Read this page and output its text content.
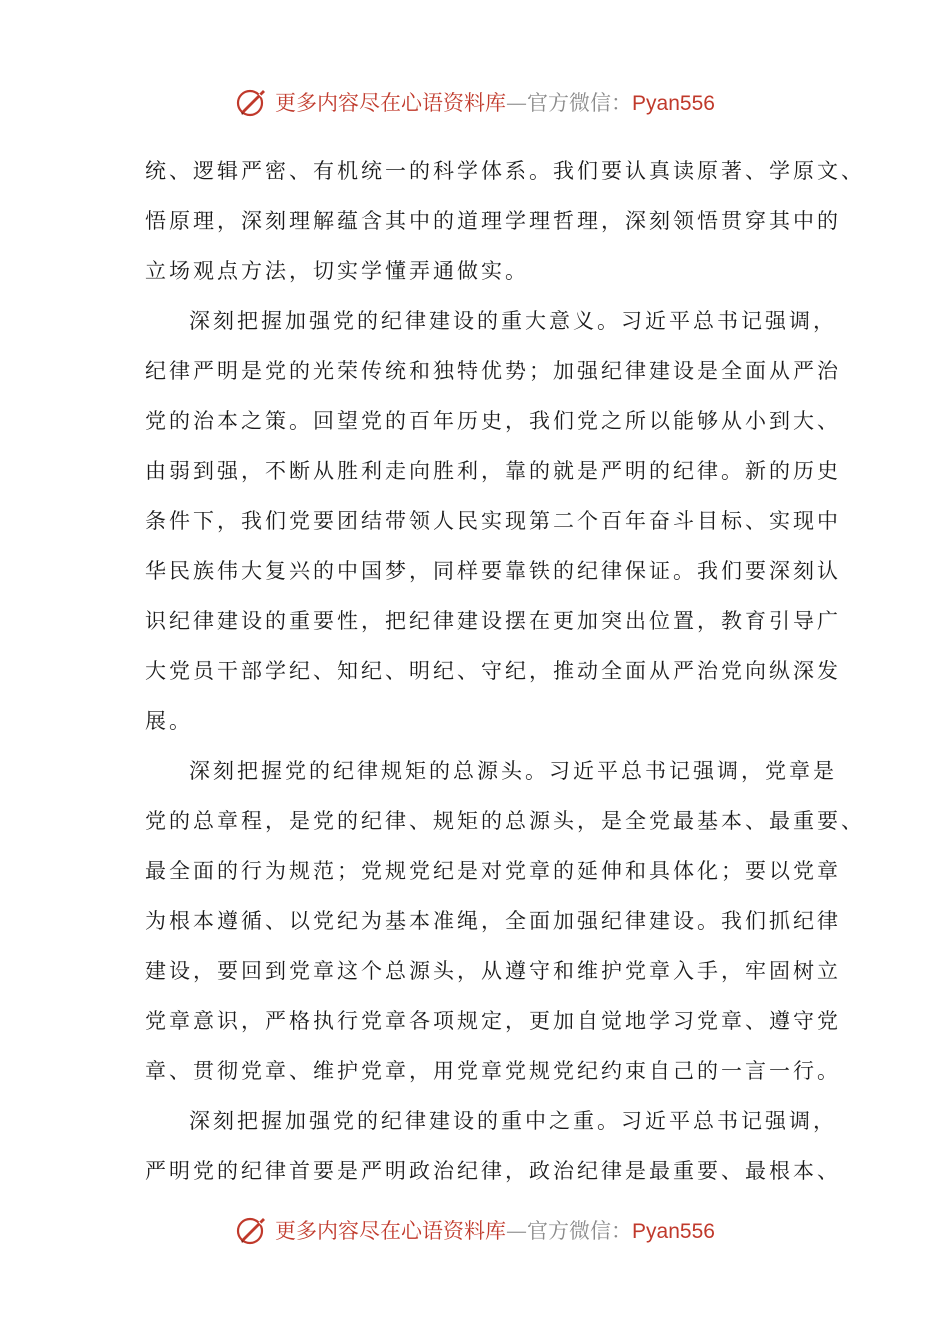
更多内容尽在心语资料库—官方微信：Pyan556
统、逻辑严密、有机统一的科学体系。我们要认真读原著、学原文、
悟原理，深刻理解蕴含其中的道理学理哲理，深刻领悟贯穿其中的
立场观点方法，切实学懂弄通做实。
深刻把握加强党的纪律建设的重大意义。习近平总书记强调，
纪律严明是党的光荣传统和独特优势；加强纪律建设是全面从严治
党的治本之策。回望党的百年历史，我们党之所以能够从小到大、
由弱到强，不断从胜利走向胜利，靠的就是严明的纪律。新的历史
条件下，我们党要团结带领人民实现第二个百年奋斗目标、实现中
华民族伟大复兴的中国梦，同样要靠铁的纪律保证。我们要深刻认
识纪律建设的重要性，把纪律建设摆在更加突出位置，教育引导广
大党员干部学纪、知纪、明纪、守纪，推动全面从严治党向纵深发
展。
深刻把握党的纪律规矩的总源头。习近平总书记强调，党章是
党的总章程，是党的纪律、规矩的总源头，是全党最基本、最重要、
最全面的行为规范；党规党纪是对党章的延伸和具体化；要以党章
为根本遵循、以党纪为基本准绳，全面加强纪律建设。我们抓纪律
建设，要回到党章这个总源头，从遵守和维护党章入手，牢固树立
党章意识，严格执行党章各项规定，更加自觉地学习党章、遵守党
章、贯彻党章、维护党章，用党章党规党纪约束自己的一言一行。
深刻把握加强党的纪律建设的重中之重。习近平总书记强调，
严明党的纪律首要是严明政治纪律，政治纪律是最重要、最根本、
更多内容尽在心语资料库—官方微信：Pyan556
